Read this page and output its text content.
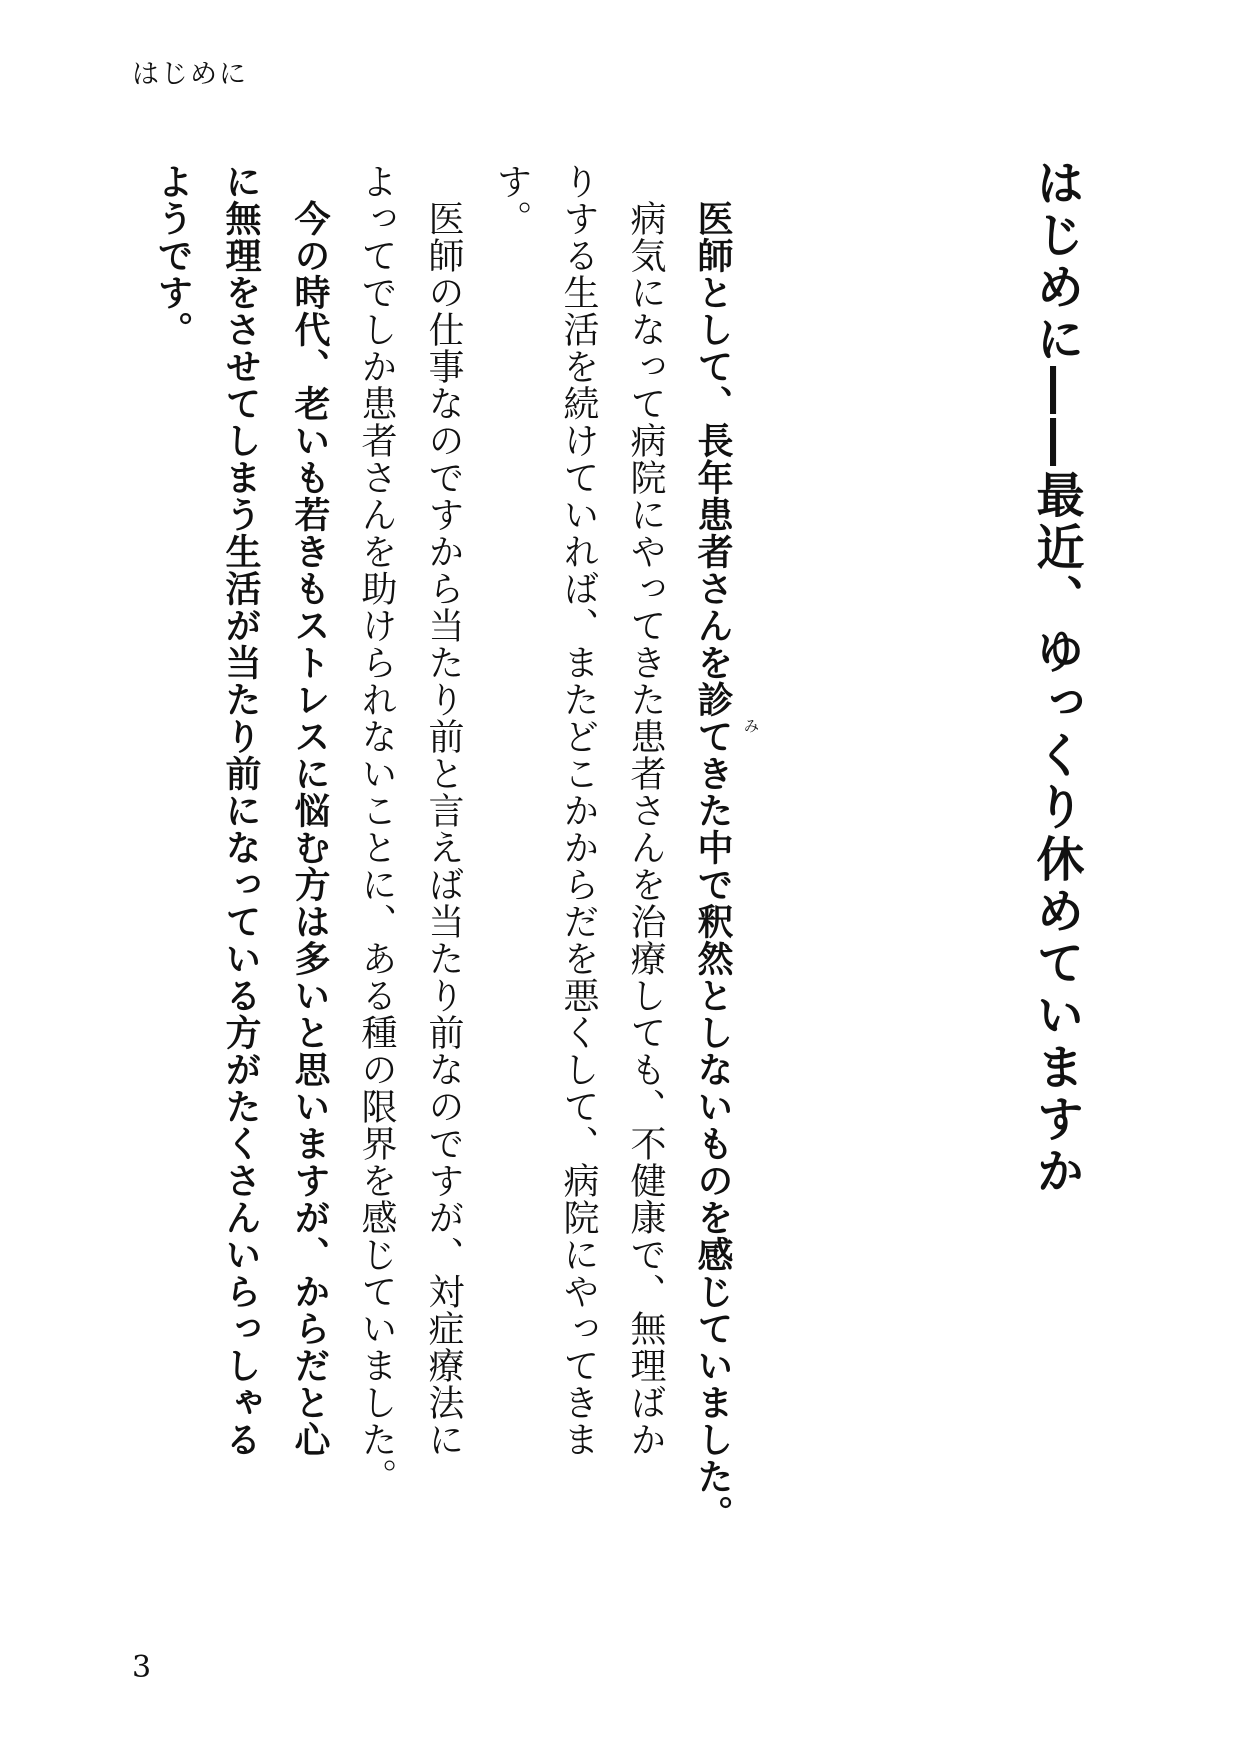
はじめに
はじめに――最近、ゆっくり休めていますか
み
医師として、長年患者さんを診てきた中で釈然としないものを感じていました。
病気になって病院にやってきた患者さんを治療しても、不健康で、無理ばか
りする生活を続けていれば、またどこかからだを悪くして、病院にやってきま
す。
医師の仕事なのですから当たり前と言えば当たり前なのですが、対症療法に
よってでしか患者さんを助けられないことに、ある種の限界を感じていました。
今の時代、老いも若きもストレスに悩む方は多いと思いますが、からだと心
に無理をさせてしまう生活が当たり前になっている方がたくさんいらっしゃる
ようです。
3
